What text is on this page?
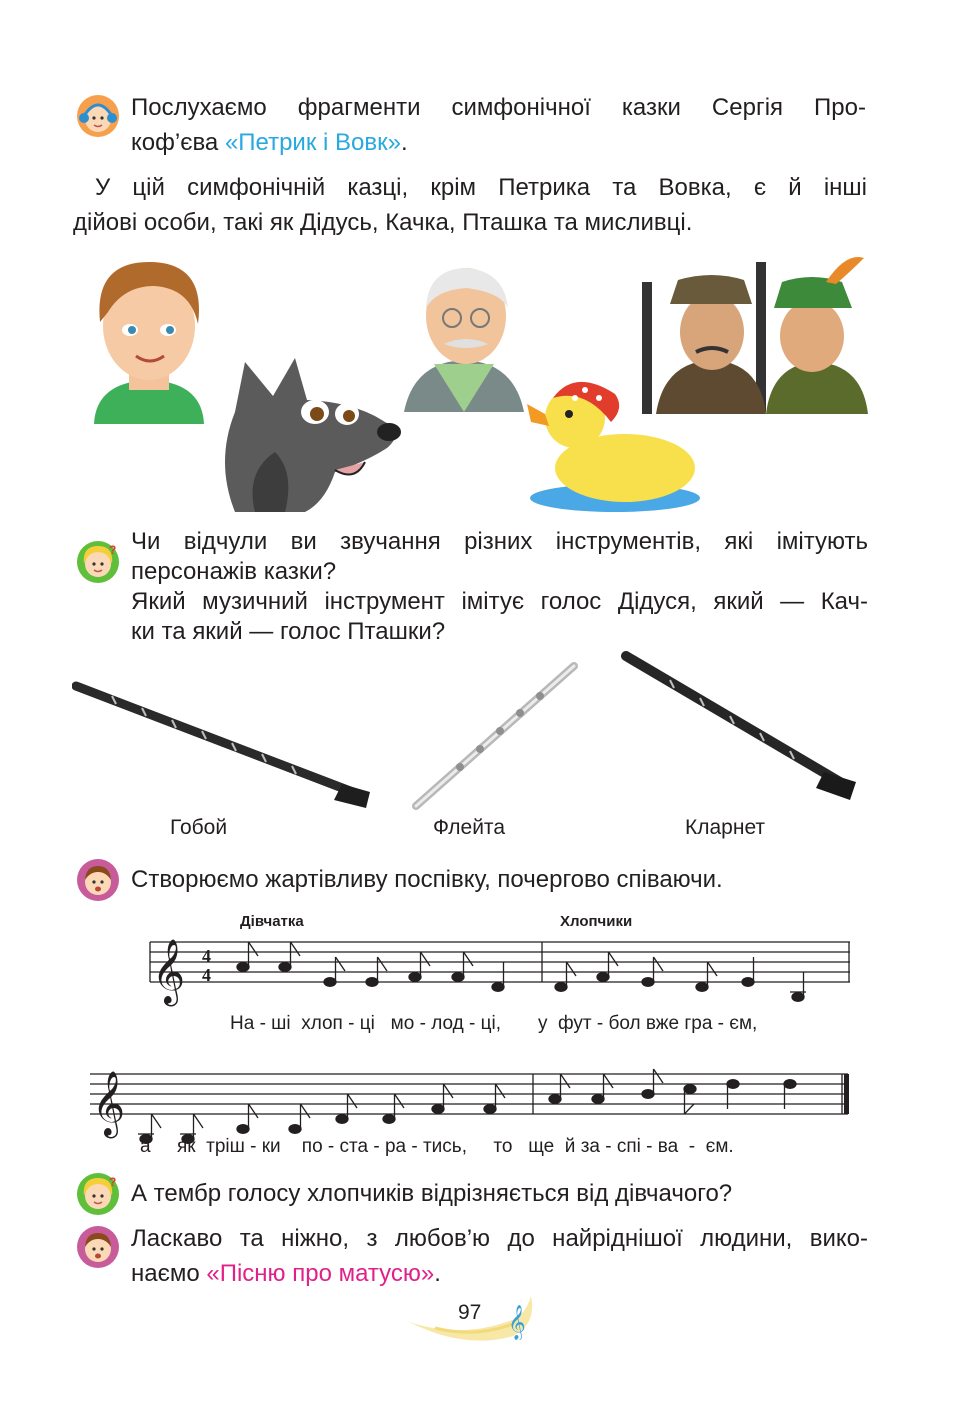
Послухаємо фрагменти симфонічної казки Сергія Про-
коф’єва «Петрик і Вовк».
У цій симфонічній казці, крім Петрика та Вовка, є й інші
дійові особи, такі як Дідусь, Качка, Пташка та мисливці.
? Чи відчули ви звучання різних інструментів, які імітують
персонажів казки?
Який музичний інструмент імітує голос Дідуся, який — Кач-
ки та який — голос Пташки?
Гобой	Флейта	Кларнет
Створюємо жартівливу поспівку, почергово співаючи.
Дівчатка	Хлопчики
𝄞 4
4
На - ші  хлоп - ці   мо - лод - ці,       у  фут - бол вже гра - єм,
𝄞
а     як  тріш - ки    по - ста - ра - тись,     то   ще  й за - спі - ва  -  єм.
? А тембр голосу хлопчиків відрізняється від дівчачого?
Ласкаво та ніжно, з любов’ю до найріднішої людини, вико-
наємо «Пісню про матусю».
97 𝄞
